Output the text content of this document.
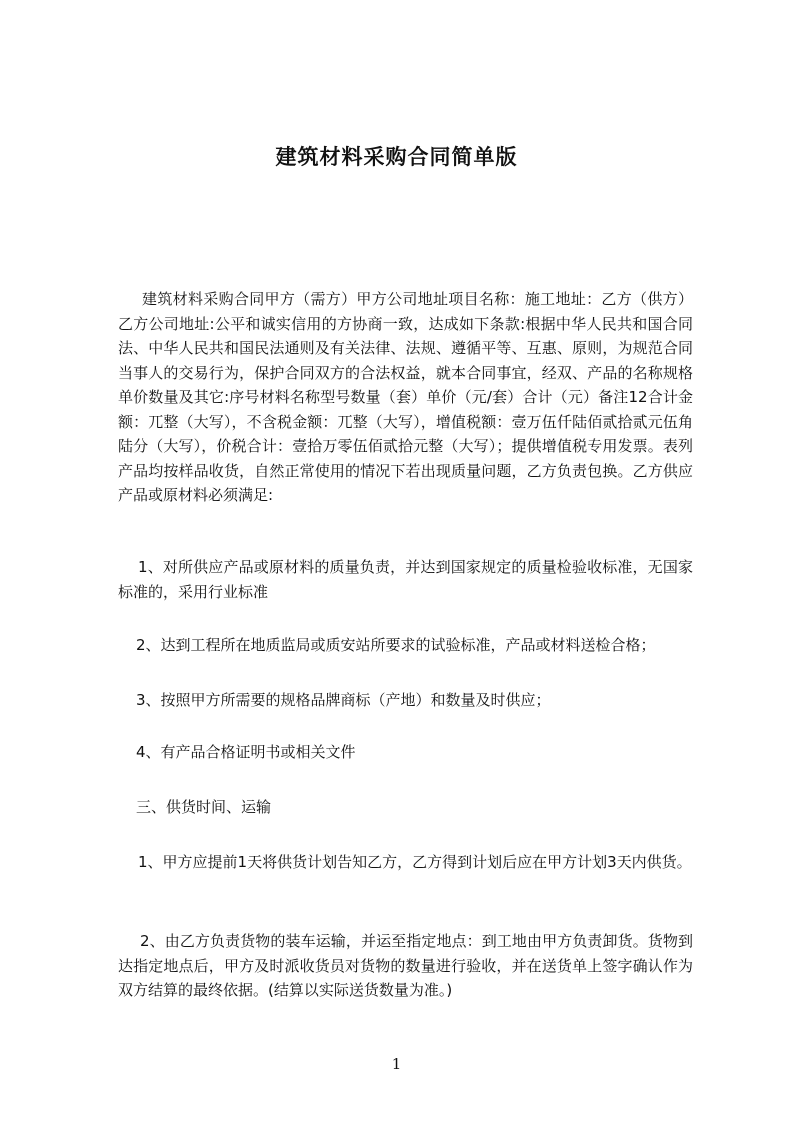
建筑材料采购合同简单版
建筑材料采购合同甲方（需方）甲方公司地址项目名称：施工地址：乙方（供方）乙方公司地址:公平和诚实信用的方协商一致，达成如下条款:根据中华人民共和国合同法、中华人民共和国民法通则及有关法律、法规、遵循平等、互惠、原则，为规范合同当事人的交易行为，保护合同双方的合法权益，就本合同事宜，经双、产品的名称规格单价数量及其它:序号材料名称型号数量（套）单价（元/套）合计（元）备注12合计金额：兀整（大写），不含税金额：兀整（大写），增值税额：壹万伍仟陆佰贰拾贰元伍角陆分（大写），价税合计：壹拾万零伍佰贰拾元整（大写）；提供增值税专用发票。表列产品均按样品收货，自然正常使用的情况下若出现质量问题，乙方负责包换。乙方供应产品或原材料必须满足:
1、对所供应产品或原材料的质量负责，并达到国家规定的质量检验收标准，无国家标准的，采用行业标准
2、达到工程所在地质监局或质安站所要求的试验标准，产品或材料送检合格；
3、按照甲方所需要的规格品牌商标（产地）和数量及时供应；
4、有产品合格证明书或相关文件
三、供货时间、运输
1、甲方应提前1天将供货计划告知乙方，乙方得到计划后应在甲方计划3天内供货。
2、由乙方负责货物的装车运输，并运至指定地点：到工地由甲方负责卸货。货物到达指定地点后，甲方及时派收货员对货物的数量进行验收，并在送货单上签字确认作为双方结算的最终依据。(结算以实际送货数量为准。)
1
